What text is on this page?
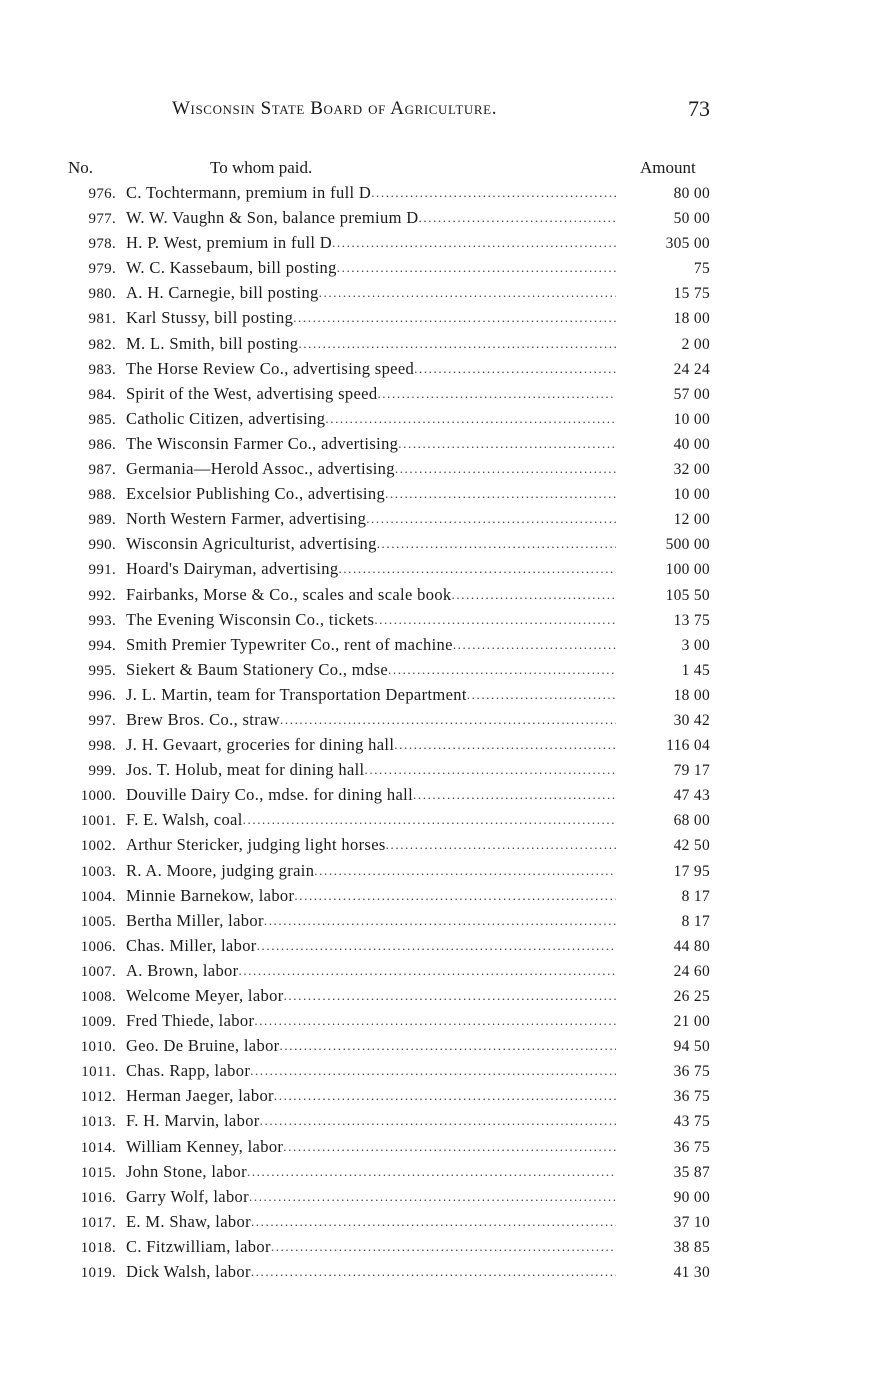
Wisconsin State Board of Agriculture.	73
No.	To whom paid.	Amount
976. C. Tochtermann, premium in full D .....	80 00
977. W. W. Vaughn & Son, balance premium D .....	50 00
978. H. P. West, premium in full D .....	305 00
979. W. C. Kassebaum, bill posting .....	75
980. A. H. Carnegie, bill posting .....	15 75
981. Karl Stussy, bill posting .....	18 00
982. M. L. Smith, bill posting .....	2 00
983. The Horse Review Co., advertising speed .....	24 24
984. Spirit of the West, advertising speed .....	57 00
985. Catholic Citizen, advertising .....	10 00
986. The Wisconsin Farmer Co., advertising .....	40 00
987. Germania—Herold Assoc., advertising .....	32 00
988. Excelsior Publishing Co., advertising .....	10 00
989. North Western Farmer, advertising .....	12 00
990. Wisconsin Agriculturist, advertising .....	500 00
991. Hoard's Dairyman, advertising .....	100 00
992. Fairbanks, Morse & Co., scales and scale book .....	105 50
993. The Evening Wisconsin Co., tickets .....	13 75
994. Smith Premier Typewriter Co., rent of machine .....	3 00
995. Siekert & Baum Stationery Co., mdse .....	1 45
996. J. L. Martin, team for Transportation Department .....	18 00
997. Brew Bros. Co., straw .....	30 42
998. J. H. Gevaart, groceries for dining hall .....	116 04
999. Jos. T. Holub, meat for dining hall .....	79 17
1000. Douville Dairy Co., mdse. for dining hall .....	47 43
1001. F. E. Walsh, coal .....	68 00
1002. Arthur Stericker, judging light horses .....	42 50
1003. R. A. Moore, judging grain .....	17 95
1004. Minnie Barnekow, labor .....	8 17
1005. Bertha Miller, labor .....	8 17
1006. Chas. Miller, labor .....	44 80
1007. A. Brown, labor .....	24 60
1008. Welcome Meyer, labor .....	26 25
1009. Fred Thiede, labor .....	21 00
1010. Geo. De Bruine, labor .....	94 50
1011. Chas. Rapp, labor .....	36 75
1012. Herman Jaeger, labor .....	36 75
1013. F. H. Marvin, labor .....	43 75
1014. William Kenney, labor .....	36 75
1015. John Stone, labor .....	35 87
1016. Garry Wolf, labor .....	90 00
1017. E. M. Shaw, labor .....	37 10
1018. C. Fitzwilliam, labor .....	38 85
1019. Dick Walsh, labor .....	41 30
